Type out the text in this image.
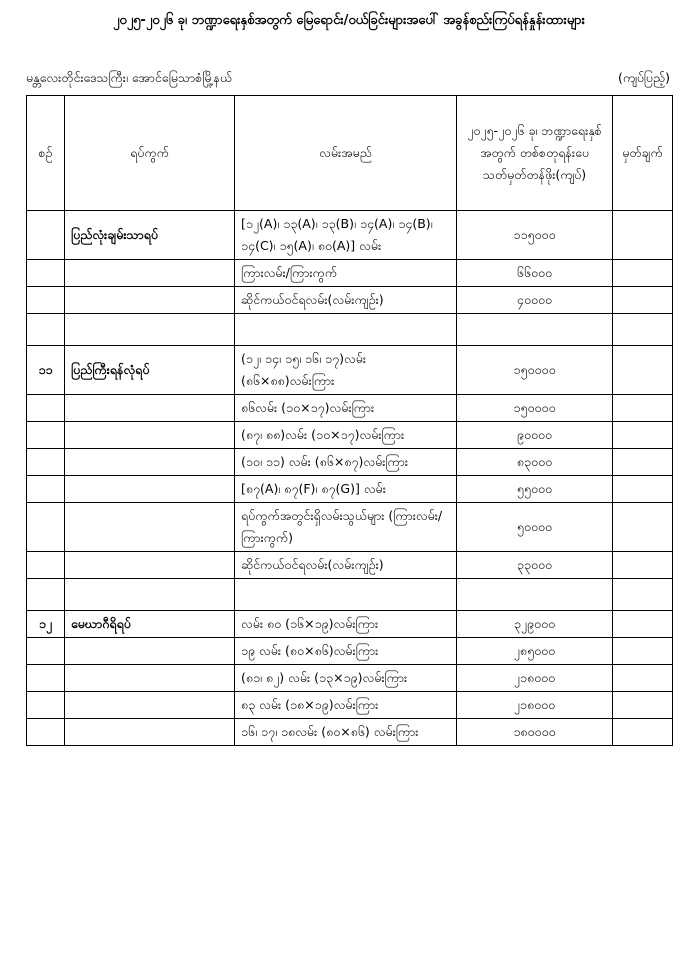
၂၀၂၅-၂၀၂၆ ခု၊ ဘဏ္ဍာရေးနှစ်အတွက် မြေရောင်း/ဝယ်ခြင်းများအပေါ် အခွန်စည်းကြပ်ရန်နှုန်းထားများ
မန္တလေးတိုင်းဒေသကြီး၊ အောင်မြေသာစံမြို့နယ်	(ကျပ်ပြည့်)
စဉ်	ရပ်ကွက်	လမ်းအမည်	၂၀၂၅-၂၀၂၆ ခု၊ ဘဏ္ဍာရေးနှစ်အတွက် တစ်စတုရန်းပေ သတ်မှတ်တန်ဖိုး(ကျပ်)	မှတ်ချက်
	ပြည်လုံးချမ်းသာရပ်	[၁၂(A)၊ ၁၃(A)၊ ၁၃(B)၊ ၁၄(A)၊ ၁၄(B)၊ ၁၄(C)၊ ၁၅(A)၊ ၈၀(A)] လမ်း	၁၁၅၀၀၀	
		ကြားလမ်း/ကြားကွက်	၆၆၀၀၀	
		ဆိုင်ကယ်ဝင်ရလမ်း(လမ်းကျဉ်း)	၄၀၀၀၀	

၁၁	ပြည်ကြီးရန်လုံရပ်	(၁၂၊ ၁၄၊ ၁၅၊ ၁၆၊ ၁၇)လမ်း (၈၆×၈၈)လမ်းကြား	၁၅၀၀၀၀	
		၈၆လမ်း (၁၀×၁၇)လမ်းကြား	၁၅၀၀၀၀	
		(၈၇၊ ၈၈)လမ်း (၁၀×၁၇)လမ်းကြား	၉၀၀၀၀	
		(၁၀၊ ၁၁) လမ်း (၈၆×၈၇)လမ်းကြား	၈၃၀၀၀	
		[၈၇(A)၊ ၈၇(F)၊ ၈၇(G)] လမ်း	၅၅၀၀၀	
		ရပ်ကွက်အတွင်းရှိလမ်းသွယ်များ (ကြားလမ်း/ကြားကွက်)	၅၀၀၀၀	
		ဆိုင်ကယ်ဝင်ရလမ်း(လမ်းကျဉ်း)	၃၃၀၀၀	

၁၂	မေဃာဂီရိရပ်	လမ်း ၈၀ (၁၆×၁၉)လမ်းကြား	၃၂၉၀၀၀	
		၁၉ လမ်း (၈၀×၈၆)လမ်းကြား	၂၈၅၀၀၀	
		(၈၁၊ ၈၂) လမ်း (၁၃×၁၉)လမ်းကြား	၂၁၈၀၀၀	
		၈၃ လမ်း (၁၈×၁၉)လမ်းကြား	၂၁၈၀၀၀	
		၁၆၊ ၁၇၊ ၁၈လမ်း (၈၀×၈၆) လမ်းကြား	၁၈၀၀၀၀	
